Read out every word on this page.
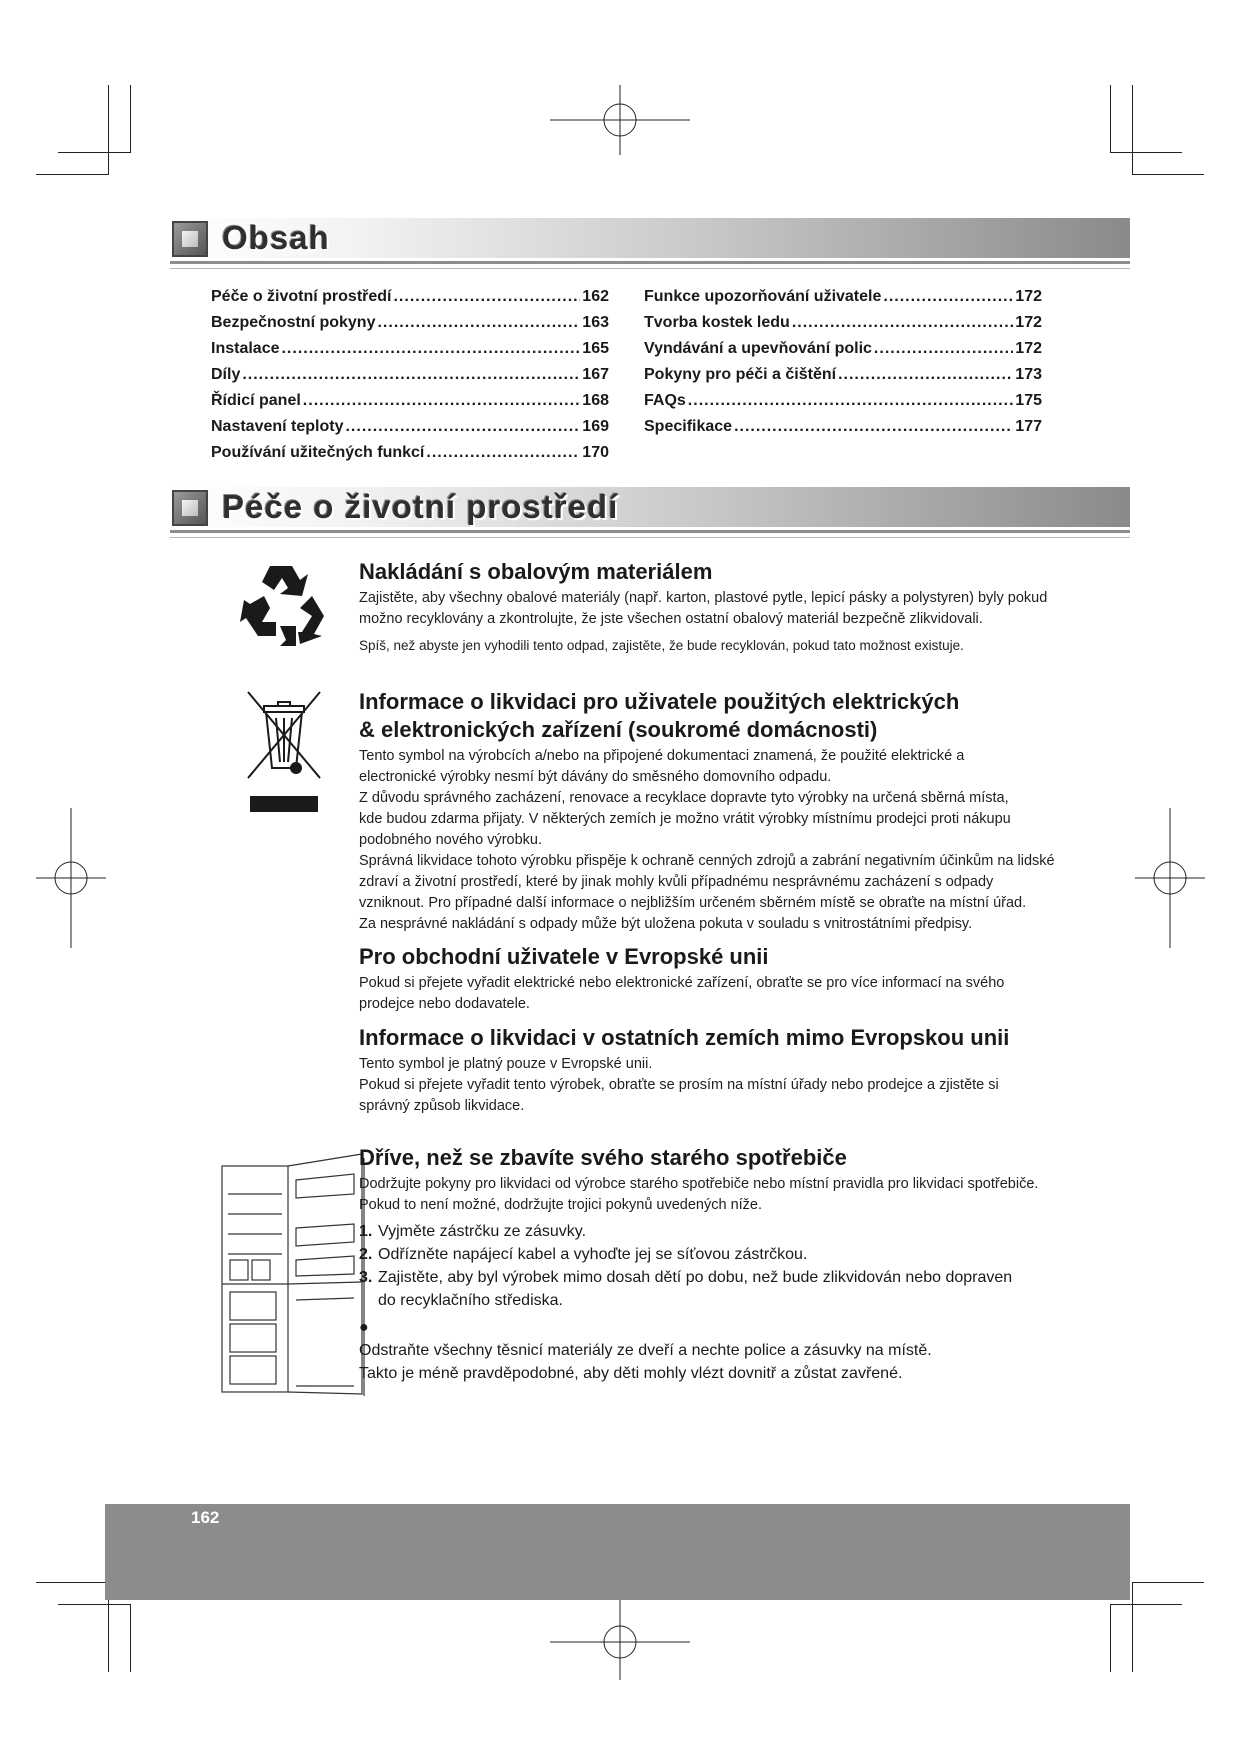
Obsah
Péče o životní prostředí .....	162
Bezpečnostní pokyny .....	163
Instalace .....	165
Díly .....	167
Řídicí panel .....	168
Nastavení teploty .....	169
Používání užitečných funkcí .....	170
Funkce upozorňování uživatele .....	172
Tvorba kostek ledu .....	172
Vyndávání a upevňování polic .....	172
Pokyny pro péči a čištění .....	173
FAQs .....	175
Specifikace .....	177
Péče o životní prostředí
Nakládání s obalovým materiálem

Zajistěte, aby všechny obalové materiály (např. karton, plastové pytle, lepicí pásky a polystyren) byly pokud možno recyklovány a zkontrolujte, že jste všechen ostatní obalový materiál bezpečně zlikvidovali.

Spíš, než abyste jen vyhodili tento odpad, zajistěte, že bude recyklován, pokud tato možnost existuje.

Informace o likvidaci pro uživatele použitých elektrických & elektronických zařízení (soukromé domácnosti)

Tento symbol na výrobcích a/nebo na připojené dokumentaci znamená, že použité elektrické a electronické výrobky nesmí být dávány do směsného domovního odpadu.

Z důvodu správného zacházení, renovace a recyklace dopravte tyto výrobky na určená sběrná místa, kde budou zdarma přijaty. V některých zemích je možno vrátit výrobky místnímu prodejci proti nákupu podobného nového výrobku.

Správná likvidace tohoto výrobku přispěje k ochraně cenných zdrojů a zabrání negativním účinkům na lidské zdraví a životní prostředí, které by jinak mohly kvůli případnému nesprávnému zacházení s odpady vzniknout. Pro případné další informace o nejbližším určeném sběrném místě se obraťte na místní úřad.

Za nesprávné nakládání s odpady může být uložena pokuta v souladu s vnitrostátními předpisy.

Pro obchodní uživatele v Evropské unii

Pokud si přejete vyřadit elektrické nebo elektronické zařízení, obraťte se pro více informací na svého prodejce nebo dodavatele.

Informace o likvidaci v ostatních zemích mimo Evropskou unii

Tento symbol je platný pouze v Evropské unii.

Pokud si přejete vyřadit tento výrobek, obraťte se prosím na místní úřady nebo prodejce a zjistěte si správný způsob likvidace.

Dříve, než se zbavíte svého starého spotřebiče

Dodržujte pokyny pro likvidaci od výrobce starého spotřebiče nebo místní pravidla pro likvidaci spotřebiče. Pokud to není možné, dodržujte trojici pokynů uvedených níže.

1. Vyjměte zástrčku ze zásuvky.
2. Odřízněte napájecí kabel a vyhoďte jej se síťovou zástrčkou.
3. Zajistěte, aby byl výrobek mimo dosah dětí po dobu, než bude zlikvidován nebo dopraven do recyklačního střediska.
●
Odstraňte všechny těsnicí materiály ze dveří a nechte police a zásuvky na místě.
Takto je méně pravděpodobné, aby děti mohly vlézt dovnitř a zůstat zavřené.
162
